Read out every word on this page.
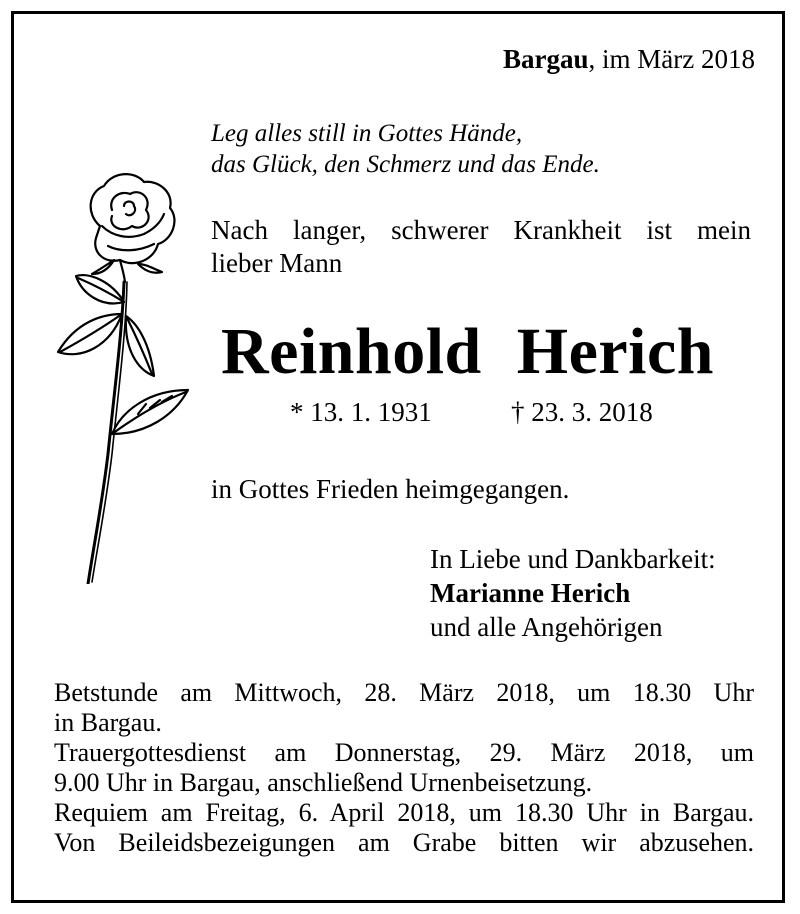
Bargau, im März 2018
Leg alles still in Gottes Hände,
das Glück, den Schmerz und das Ende.
Nach langer, schwerer Krankheit ist mein
lieber Mann
Reinhold Herich
* 13. 1. 1931	† 23. 3. 2018
in Gottes Frieden heimgegangen.
In Liebe und Dankbarkeit:
Marianne Herich
und alle Angehörigen
Betstunde am Mittwoch, 28. März 2018, um 18.30 Uhr
in Bargau.
Trauergottesdienst am Donnerstag, 29. März 2018, um
9.00 Uhr in Bargau, anschließend Urnenbeisetzung.
Requiem am Freitag, 6. April 2018, um 18.30 Uhr in Bargau.
Von Beileidsbezeigungen am Grabe bitten wir abzusehen.
